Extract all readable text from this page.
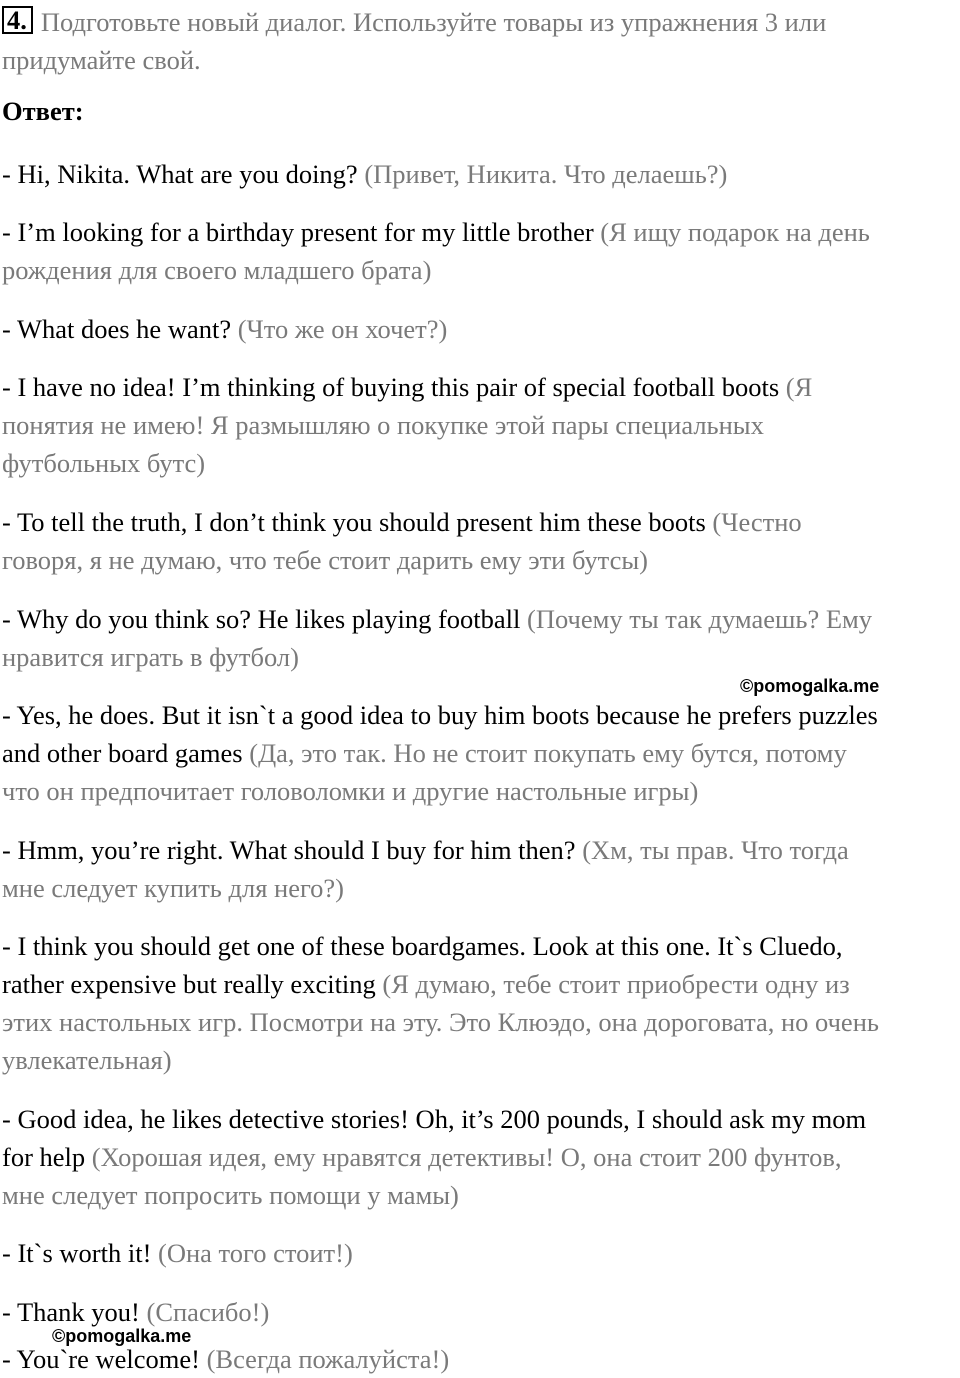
4. Подготовьте новый диалог. Используйте товары из упражнения 3 или
придумайте свой.
Ответ:
- Hi, Nikita. What are you doing? (Привет, Никита. Что делаешь?)
- I’m looking for a birthday present for my little brother (Я ищу подарок на день
рождения для своего младшего брата)
- What does he want? (Что же он хочет?)
- I have no idea! I’m thinking of buying this pair of special football boots (Я
понятия не имею! Я размышляю о покупке этой пары специальных
футбольных бутс)
- To tell the truth, I don’t think you should present him these boots (Честно
говоря, я не думаю, что тебе стоит дарить ему эти бутсы)
- Why do you think so? He likes playing football (Почему ты так думаешь? Ему
нравится играть в футбол)
©pomogalka.me
- Yes, he does. But it isn`t a good idea to buy him boots because he prefers puzzles
and other board games (Да, это так. Но не стоит покупать ему бутся, потому
что он предпочитает головоломки и другие настольные игры)
- Hmm, you’re right. What should I buy for him then? (Хм, ты прав. Что тогда
мне следует купить для него?)
- I think you should get one of these boardgames. Look at this one. It`s Cluedo,
rather expensive but really exciting (Я думаю, тебе стоит приобрести одну из
этих настольных игр. Посмотри на эту. Это Клюэдо, она дороговата, но очень
увлекательная)
- Good idea, he likes detective stories! Oh, it’s 200 pounds, I should ask my mom
for help (Хорошая идея, ему нравятся детективы! О, она стоит 200 фунтов,
мне следует попросить помощи у мамы)
- It`s worth it! (Она того стоит!)
- Thank you! (Спасибо!)
©pomogalka.me
- You`re welcome! (Всегда пожалуйста!)
